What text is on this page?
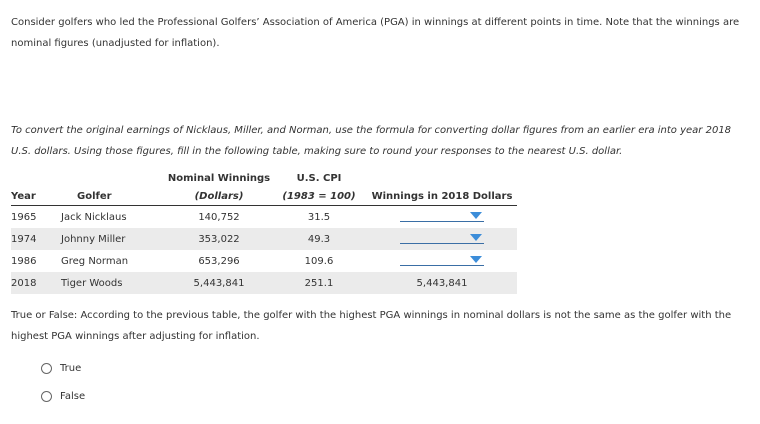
Consider golfers who led the Professional Golfers’ Association of America (PGA) in winnings at different points in time. Note that the winnings are nominal figures (unadjusted for inflation).

To convert the original earnings of Nicklaus, Miller, and Norman, use the formula for converting dollar figures from an earlier era into year 2018 U.S. dollars. Using those figures, fill in the following table, making sure to round your responses to the nearest U.S. dollar.

		Nominal Winnings	U.S. CPI	
Year	Golfer	(Dollars)	(1983 = 100)	Winnings in 2018 Dollars
1965	Jack Nicklaus	140,752	31.5	

1974	Johnny Miller	353,022	49.3	

1986	Greg Norman	653,296	109.6	

2018	Tiger Woods	5,443,841	251.1	5,443,841

True or False: According to the previous table, the golfer with the highest PGA winnings in nominal dollars is not the same as the golfer with the highest PGA winnings after adjusting for inflation.

True
False
